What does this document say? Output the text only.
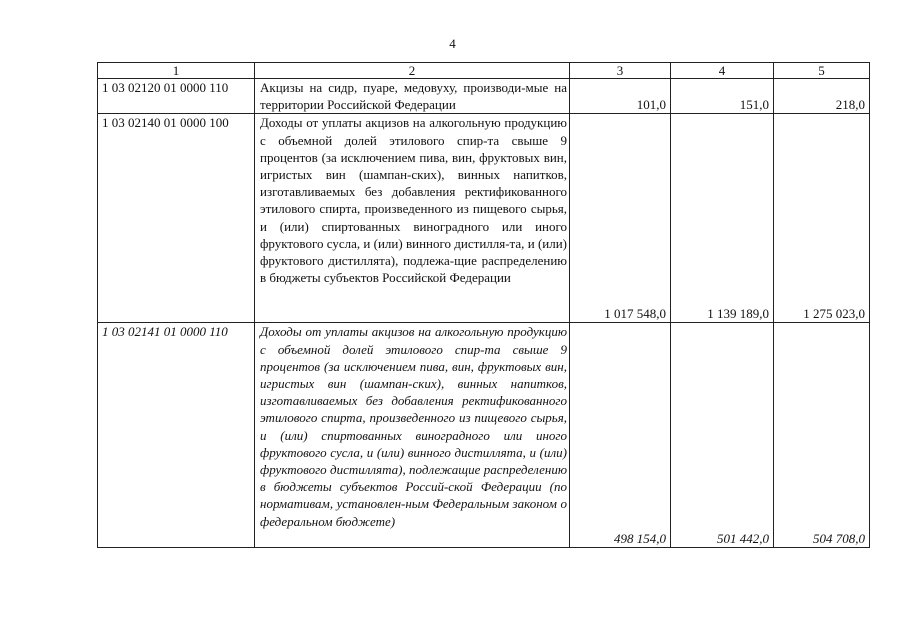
4
1	2	3	4	5
1 03 02120 01 0000 110	Акцизы на сидр, пуаре, медовуху, производи-мые на территории Российской Федерации	101,0	151,0	218,0
1 03 02140 01 0000 100	Доходы от уплаты акцизов на алкогольную продукцию с объемной долей этилового спир-та свыше 9 процентов (за исключением пива, вин, фруктовых вин, игристых вин (шампан-ских), винных напитков, изготавливаемых без добавления ректификованного этилового спирта, произведенного из пищевого сырья, и (или) спиртованных виноградного или иного фруктового сусла, и (или) винного дистилля-та, и (или) фруктового дистиллята), подлежа-щие распределению в бюджеты субъектов Российской Федерации	1 017 548,0	1 139 189,0	1 275 023,0
1 03 02141 01 0000 110	Доходы от уплаты акцизов на алкогольную продукцию с объемной долей этилового спир-та свыше 9 процентов (за исключением пива, вин, фруктовых вин, игристых вин (шампан-ских), винных напитков, изготавливаемых без добавления ректификованного этилового спирта, произведенного из пищевого сырья, и (или) спиртованных виноградного или иного фруктового сусла, и (или) винного дистиллята, и (или) фруктового дистиллята), подлежащие распределению в бюджеты субъектов Россий-ской Федерации (по нормативам, установлен-ным Федеральным законом о федеральном бюджете)	498 154,0	501 442,0	504 708,0
